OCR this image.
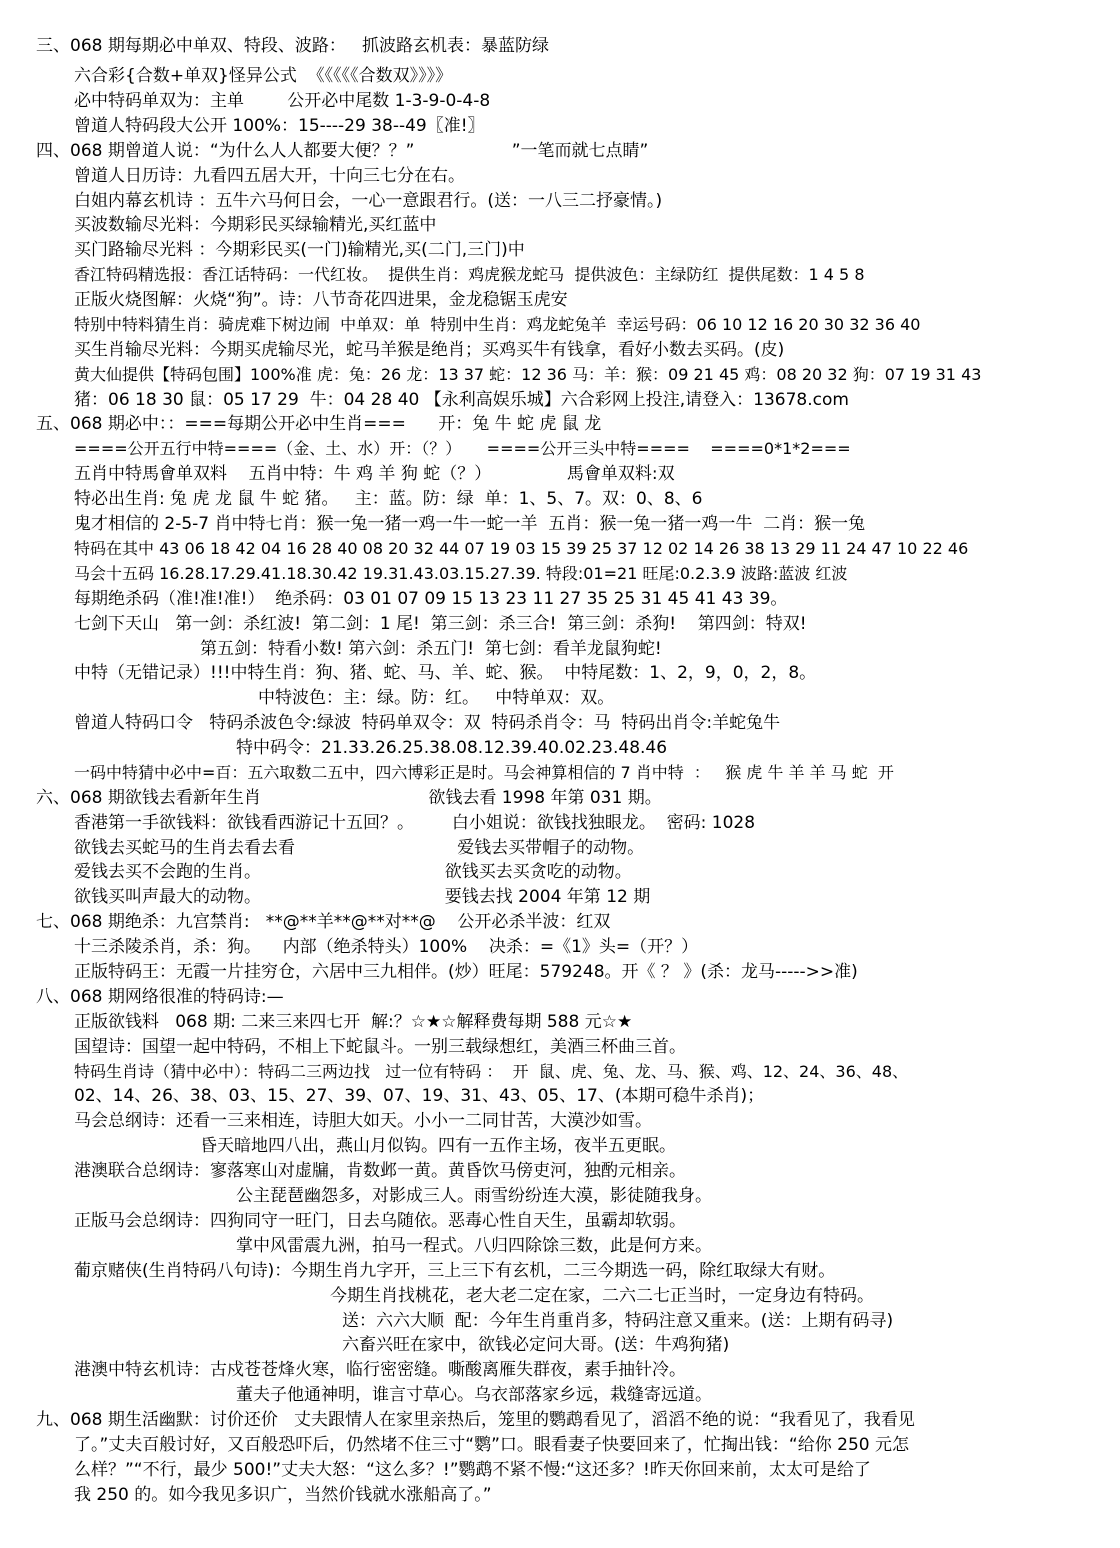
三、068 期每期必中单双、特段、波路：   抓波路玄机表：暴蓝防绿
六合彩{合数+单双}怪异公式  《《《《《合数双》》》》
必中特码单双为：主单        公开必中尾数 1-3-9-0-4-8
曾道人特码段大公开 100%：15----29 38--49〖准!〗
四、068 期曾道人说：“为什么人人都要大便？？”                  ”一笔而就七点睛”
曾道人日历诗：九看四五居大开，十向三七分在右。
白姐内幕玄机诗 ：五牛六马何日会，一心一意跟君行。(送：一八三二抒豪情。)
买波数输尽光料：今期彩民买绿输精光,买红蓝中
买门路输尽光料 ：今期彩民买(一门)输精光,买(二门,三门)中
香江特码精选报：香江话特码：一代红妆。  提供生肖：鸡虎猴龙蛇马  提供波色：主绿防红  提供尾数：1 4 5 8
正版火烧图解：火烧“狗”。诗：八节奇花四进果，金龙稳锯玉虎安
特别中特料猜生肖：骑虎难下树边闹  中单双：单  特别中生肖：鸡龙蛇兔羊  幸运号码：06 10 12 16 20 30 32 36 40
买生肖输尽光料：今期买虎输尽光，蛇马羊猴是绝肖；买鸡买牛有钱拿，看好小数去买码。(皮)
黄大仙提供【特码包围】100%准 虎：兔：26 龙：13 37 蛇：12 36 马：羊：猴：09 21 45 鸡：08 20 32 狗：07 19 31 43
猪：06 18 30 鼠：05 17 29  牛：04 28 40 【永利高娱乐城】六合彩网上投注,请登入：13678.com
五、068 期必中：：===每期公开必中生肖===      开：兔 牛 蛇 虎 鼠 龙
====公开五行中特====（金、土、水）开：（？）     ====公开三头中特====    ====0*1*2===
五肖中特馬會单双料    五肖中特：牛 鸡 羊 狗 蛇（？）              馬會单双料:双
特必出生肖: 兔 虎 龙 鼠 牛 蛇 猪。   主：蓝。防：绿  单：1、5、7。双：0、8、6
鬼才相信的 2-5-7 肖中特七肖：猴一兔一猪一鸡一牛一蛇一羊  五肖：猴一兔一猪一鸡一牛  二肖：猴一兔
特码在其中 43 06 18 42 04 16 28 40 08 20 32 44 07 19 03 15 39 25 37 12 02 14 26 38 13 29 11 24 47 10 22 46
马会十五码 16.28.17.29.41.18.30.42 19.31.43.03.15.27.39. 特段:01=21 旺尾:0.2.3.9 波路:蓝波 红波
每期绝杀码（准!准!准!）  绝杀码：03 01 07 09 15 13 23 11 27 35 25 31 45 41 43 39。
七剑下天山   第一剑：杀红波!  第二剑：1 尾!  第三剑：杀三合!  第三剑：杀狗!    第四剑：特双!
第五剑：特看小数! 第六剑：杀五门!  第七剑：看羊龙鼠狗蛇!
中特（无错记录）!!!中特生肖：狗、猪、蛇、马、羊、蛇、猴。  中特尾数：1、2，9，0，2，8。
中特波色：主：绿。防：红。   中特单双：双。
曾道人特码口令   特码杀波色令:绿波  特码单双令：双  特码杀肖令：马  特码出肖令:羊蛇兔牛
特中码令：21.33.26.25.38.08.12.39.40.02.23.48.46
一码中特猜中必中=百：五六取数二五中，四六博彩正是时。马会神算相信的 7 肖中特  ：   猴 虎 牛 羊 羊 马 蛇  开
六、068 期欲钱去看新年生肖                               欲钱去看 1998 年第 031 期。
香港第一手欲钱料：欲钱看西游记十五回？。       白小姐说：欲钱找独眼龙。  密码: 1028
欲钱去买蛇马的生肖去看去看                              爱钱去买带帽子的动物。
爱钱去买不会跑的生肖。                                  欲钱买去买贪吃的动物。
欲钱买叫声最大的动物。                                  要钱去找 2004 年第 12 期
七、068 期绝杀：九宫禁肖:   **@**羊**@**对**@    公开必杀半波：红双
十三杀陵杀肖，杀：狗。    内部（绝杀特头）100%    决杀：=《1》头=（开？）
正版特码王：无霞一片挂穷仓，六居中三九相伴。(炒）旺尾：579248。开《 ？ 》(杀：龙马----->>准)
八、068 期网络很准的特码诗:—
正版欲钱料   068 期: 二来三来四七开  解:？☆★☆解释费每期 588 元☆★
国望诗：国望一起中特码，不相上下蛇鼠斗。一别三载绿想红，美酒三杯曲三首。
特码生肖诗（猜中必中）：特码二三两边找   过一位有特码 ：  开  鼠、虎、兔、龙、马、猴、鸡、12、24、36、48、
02、14、26、38、03、15、27、39、07、19、31、43、05、17、(本期可稳牛杀肖)；
马会总纲诗：还看一三来相连，诗胆大如天。小小一二同甘苦，大漠沙如雪。
昏天暗地四八出，燕山月似钩。四有一五作主场，夜半五更眠。
港澳联合总纲诗：寥落寒山对虚牖，肯数邺一黄。黄昏饮马傍吏河，独酌元相亲。
公主琵琶幽怨多，对影成三人。雨雪纷纷连大漠，影徒随我身。
正版马会总纲诗：四狗同守一旺门，日去乌随依。恶毒心性自天生，虽霸却软弱。
掌中风雷震九洲，拍马一程式。八归四除馀三数，此是何方来。
葡京赌侠(生肖特码八句诗)：今期生肖九字开，三上三下有玄机，二三今期选一码，除红取绿大有财。
今期生肖找桃花，老大老二定在家，二六二七正当时，一定身边有特码。
送：六六大顺  配：今年生肖重肖多，特码注意又重来。(送：上期有码寻)
六畜兴旺在家中，欲钱必定问大哥。(送：牛鸡狗猪)
港澳中特玄机诗：古戍苍苍烽火寒，临行密密缝。嘶酸离雁失群夜，素手抽针冷。
董夫子他通神明，谁言寸草心。乌衣部落家乡远，栽缝寄远道。
九、068 期生活幽默：讨价还价   丈夫跟情人在家里亲热后，笼里的鹦鹉看见了，滔滔不绝的说：“我看见了，我看见
了。”丈夫百般讨好，又百般恐吓后，仍然堵不住三寸“鹦”口。眼看妻子快要回来了，忙掏出钱：“给你 250 元怎
么样？”“不行，最少 500!”丈夫大怒：“这么多？!”鹦鹉不紧不慢:“这还多？!昨天你回来前，太太可是给了
我 250 的。如今我见多识广，当然价钱就水涨船高了。”
